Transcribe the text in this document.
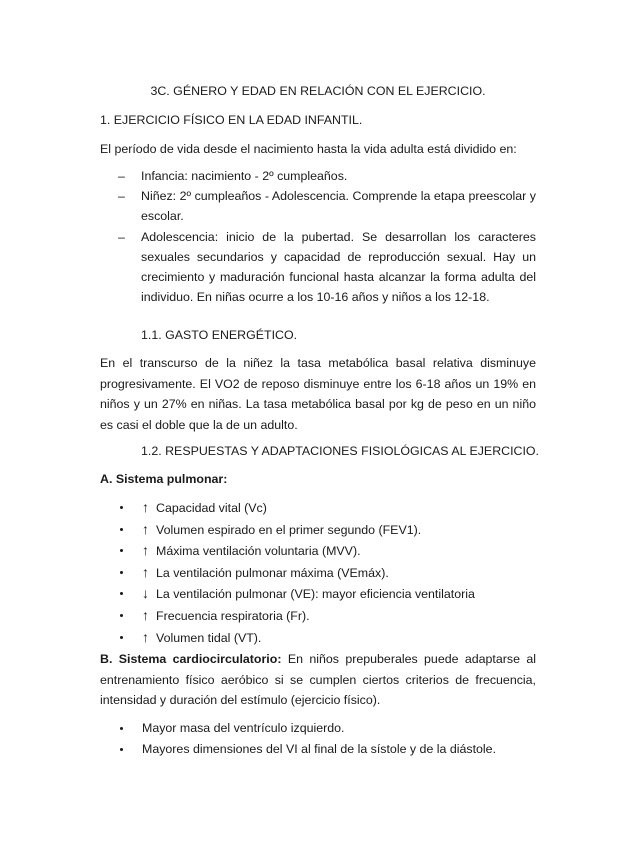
3C. GÉNERO Y EDAD EN RELACIÓN CON EL EJERCICIO.
1. EJERCICIO FÍSICO EN LA EDAD INFANTIL.
El período de vida desde el nacimiento hasta la vida adulta está dividido en:
– Infancia: nacimiento - 2º cumpleaños.
– Niñez: 2º cumpleaños - Adolescencia. Comprende la etapa preescolar y escolar.
– Adolescencia: inicio de la pubertad. Se desarrollan los caracteres sexuales secundarios y capacidad de reproducción sexual. Hay un crecimiento y maduración funcional hasta alcanzar la forma adulta del individuo. En niñas ocurre a los 10-16 años y niños a los 12-18.
1.1. GASTO ENERGÉTICO.
En el transcurso de la niñez la tasa metabólica basal relativa disminuye progresivamente. El VO2 de reposo disminuye entre los 6-18 años un 19% en niños y un 27% en niñas. La tasa metabólica basal por kg de peso en un niño es casi el doble que la de un adulto.
1.2. RESPUESTAS Y ADAPTACIONES FISIOLÓGICAS AL EJERCICIO.
A. Sistema pulmonar:
↑ Capacidad vital (Vc)
↑ Volumen espirado en el primer segundo (FEV1).
↑ Máxima ventilación voluntaria (MVV).
↑ La ventilación pulmonar máxima (VEmáx).
↓ La ventilación pulmonar (VE): mayor eficiencia ventilatoria
↑ Frecuencia respiratoria (Fr).
↑ Volumen tidal (VT).
B. Sistema cardiocirculatorio: En niños prepuberales puede adaptarse al entrenamiento físico aeróbico si se cumplen ciertos criterios de frecuencia, intensidad y duración del estímulo (ejercicio físico).
Mayor masa del ventrículo izquierdo.
Mayores dimensiones del VI al final de la sístole y de la diástole.
